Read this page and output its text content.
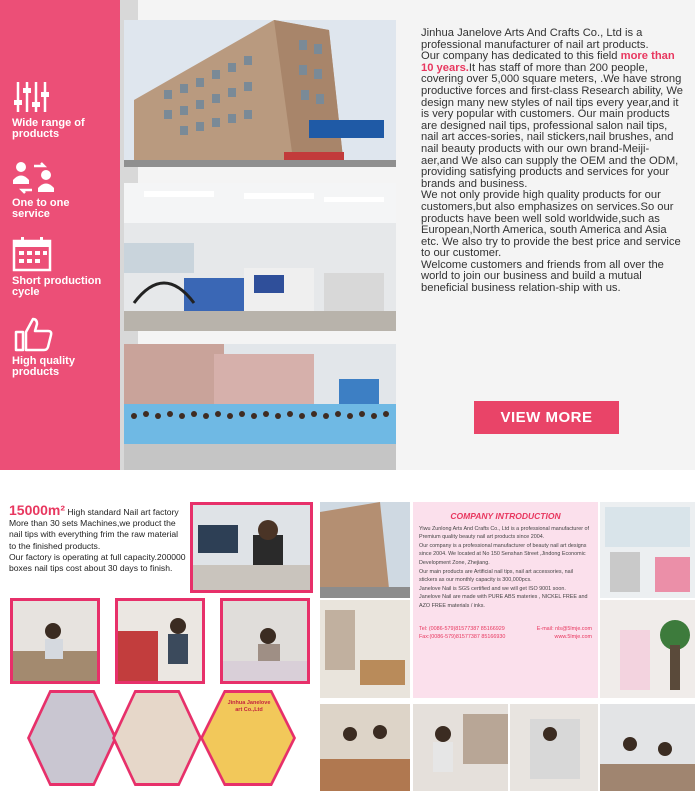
Wide range of
products
One to one
service
Short production
cycle
High quality
products
Jinhua Janelove Arts And Crafts Co., Ltd is a professional manufacturer of nail art products.
Our company has dedicated to this field more than 10 years.It has staff of more than 200 people, covering over 5,000 square meters, .We have strong productive forces and first-class Research ability, We design many new styles of nail tips every year,and it is very popular with customers. Our main products are designed nail tips, professional salon nail tips, nail art acces-sories, nail stickers,nail brushes, and nail beauty products with our own brand-Meiji-aer,and We also can supply the OEM and the ODM, providing satisfying products and services for your brands and business.
We not only provide high quality products for our customers,but also emphasizes on services.So our products have been well sold worldwide,such as European,North America, south America and Asia etc. We also try to provide the best price and service to our customer.
Welcome customers and friends from all over the world to join our business and build a mutual beneficial business relation-ship with us.
VIEW MORE
15000m² High standard Nail art factory More than 30 sets Machines,we product the nail tips with everything frim the raw material to the finished products.
Our factory is operating at full capacity.200000 boxes nail tips cost about 30 days to finish.
Jinhua Janelove
art Co.,Ltd
COMPANY INTRODUCTION
Yiwu Zunlong Arts And Crafts Co., Ltd is a professional manufacturer of Premium quality beauty nail art products since 2004.
Our company is a professional manufacturer of beauty nail art designs since 2004. We located at No 150 Senshan Street ,Jindong Economic Development Zone, Zhejiang.
Our main products are Artificial nail tips, nail art accessories, nail stickers as our monthly capacity is 300,000pcs.
Janelove Nail is SGS certified and we will get ISO 9001 soon.
Janelove Nail are made with PURE ABS materies , NICKEL FREE and AZO FREE materials / inks.
Tel: (0086-579)81577387 85166929	E-mail: nls@5lmje.com
Fax:(0086-579)81577387 85166930	www.5lmje.com
